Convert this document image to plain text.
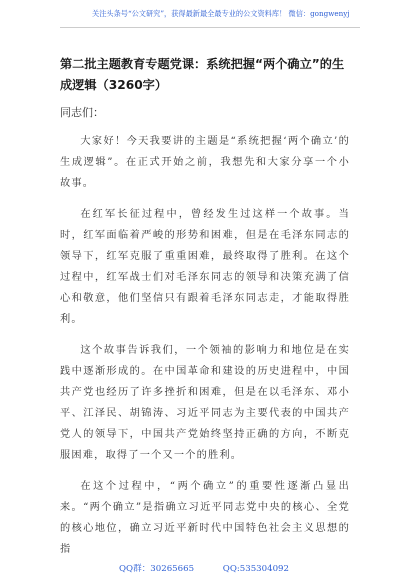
关注头条号“公文研究”，获得最新最全最专业的公文资料库！ 微信：gongwenyj
第二批主题教育专题党课：系统把握“两个确立”的生成逻辑（3260字）
同志们：

大家好！今天我要讲的主题是“系统把握‘两个确立’的生成逻辑”。在正式开始之前，我想先和大家分享一个小故事。

在红军长征过程中，曾经发生过这样一个故事。当时，红军面临着严峻的形势和困难，但是在毛泽东同志的领导下，红军克服了重重困难，最终取得了胜利。在这个过程中，红军战士们对毛泽东同志的领导和决策充满了信心和敬意，他们坚信只有跟着毛泽东同志走，才能取得胜利。

这个故事告诉我们，一个领袖的影响力和地位是在实践中逐渐形成的。在中国革命和建设的历史进程中，中国共产党也经历了许多挫折和困难，但是在以毛泽东、邓小平、江泽民、胡锦涛、习近平同志为主要代表的中国共产党人的领导下，中国共产党始终坚持正确的方向，不断克服困难，取得了一个又一个的胜利。

在这个过程中，“两个确立”的重要性逐渐凸显出来。“两个确立”是指确立习近平同志党中央的核心、全党的核心地位，确立习近平新时代中国特色社会主义思想的指

QQ群：30265665	QQ:535304092
